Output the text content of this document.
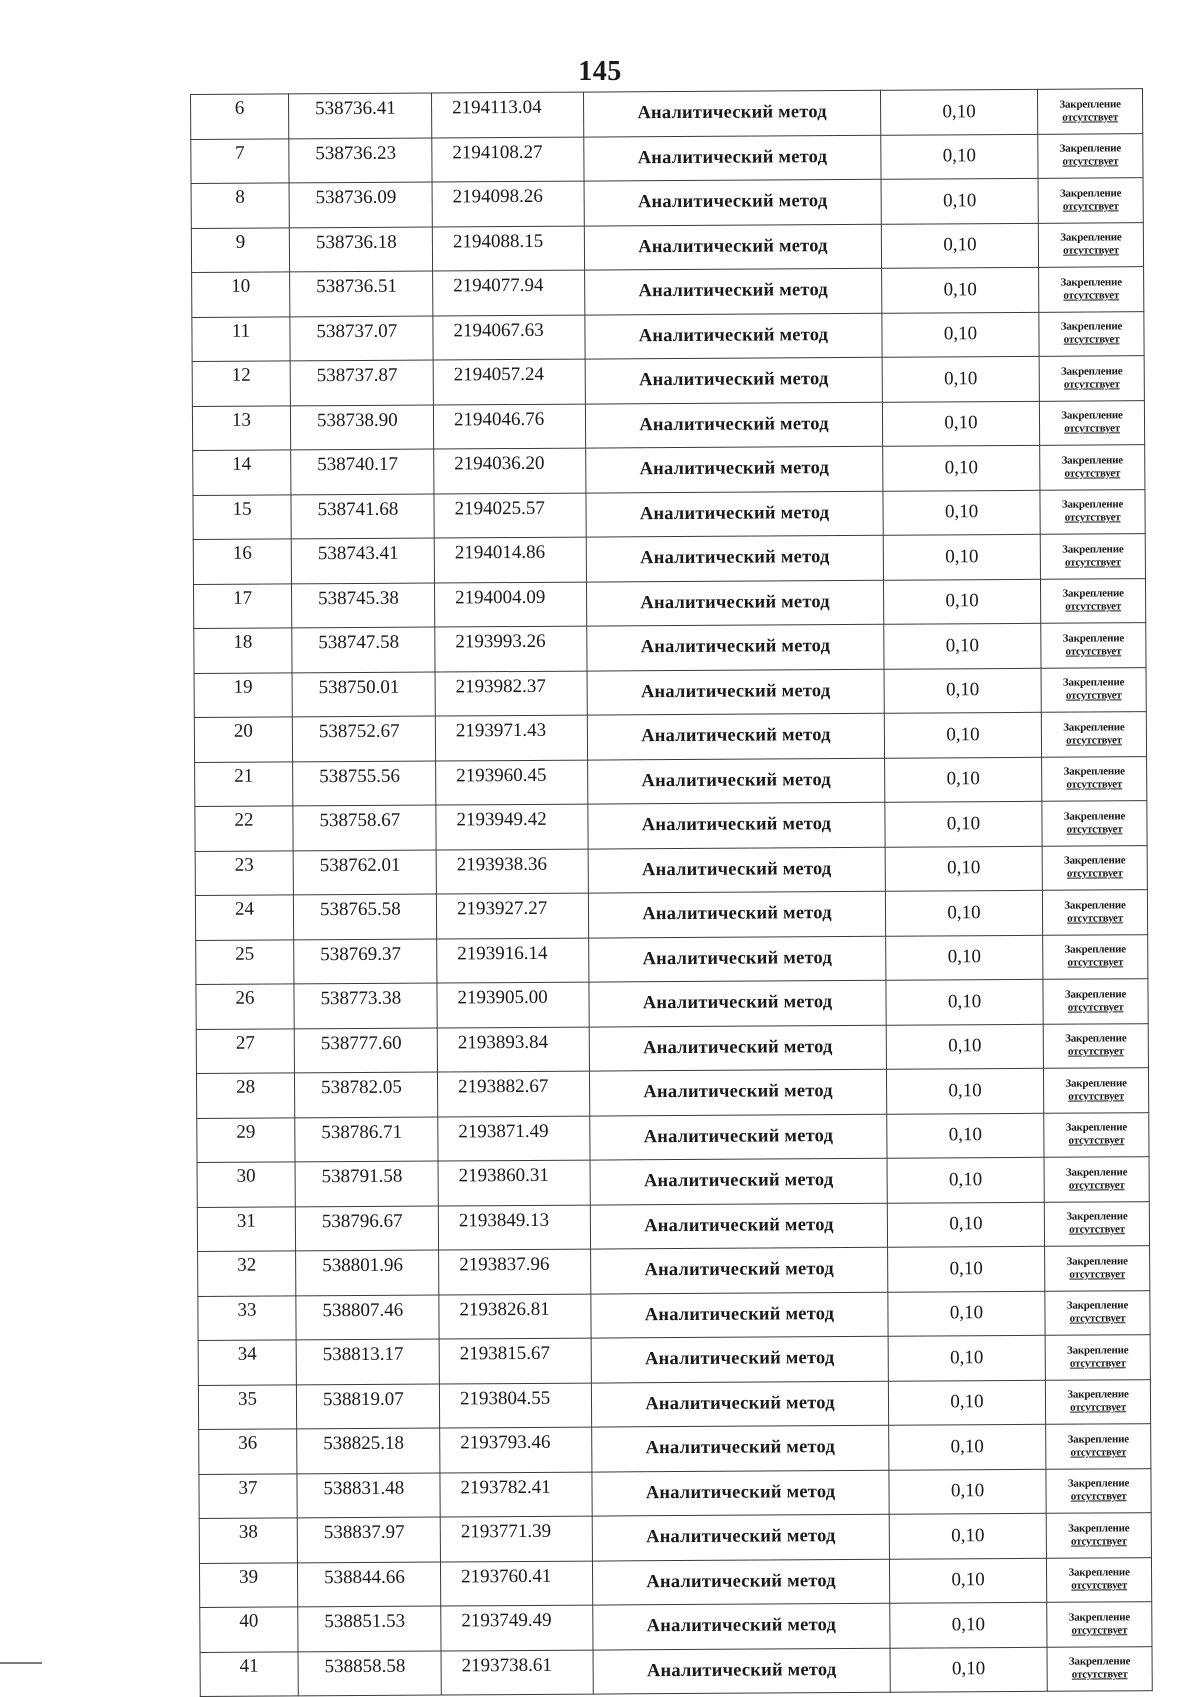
145
6	538736.41	2194113.04	Аналитический метод	0,10	Закрепление
отсутствует

7	538736.23	2194108.27	Аналитический метод	0,10	Закрепление
отсутствует

8	538736.09	2194098.26	Аналитический метод	0,10	Закрепление
отсутствует

9	538736.18	2194088.15	Аналитический метод	0,10	Закрепление
отсутствует

10	538736.51	2194077.94	Аналитический метод	0,10	Закрепление
отсутствует

11	538737.07	2194067.63	Аналитический метод	0,10	Закрепление
отсутствует

12	538737.87	2194057.24	Аналитический метод	0,10	Закрепление
отсутствует

13	538738.90	2194046.76	Аналитический метод	0,10	Закрепление
отсутствует

14	538740.17	2194036.20	Аналитический метод	0,10	Закрепление
отсутствует

15	538741.68	2194025.57	Аналитический метод	0,10	Закрепление
отсутствует

16	538743.41	2194014.86	Аналитический метод	0,10	Закрепление
отсутствует

17	538745.38	2194004.09	Аналитический метод	0,10	Закрепление
отсутствует

18	538747.58	2193993.26	Аналитический метод	0,10	Закрепление
отсутствует

19	538750.01	2193982.37	Аналитический метод	0,10	Закрепление
отсутствует

20	538752.67	2193971.43	Аналитический метод	0,10	Закрепление
отсутствует

21	538755.56	2193960.45	Аналитический метод	0,10	Закрепление
отсутствует

22	538758.67	2193949.42	Аналитический метод	0,10	Закрепление
отсутствует

23	538762.01	2193938.36	Аналитический метод	0,10	Закрепление
отсутствует

24	538765.58	2193927.27	Аналитический метод	0,10	Закрепление
отсутствует

25	538769.37	2193916.14	Аналитический метод	0,10	Закрепление
отсутствует

26	538773.38	2193905.00	Аналитический метод	0,10	Закрепление
отсутствует

27	538777.60	2193893.84	Аналитический метод	0,10	Закрепление
отсутствует

28	538782.05	2193882.67	Аналитический метод	0,10	Закрепление
отсутствует

29	538786.71	2193871.49	Аналитический метод	0,10	Закрепление
отсутствует

30	538791.58	2193860.31	Аналитический метод	0,10	Закрепление
отсутствует

31	538796.67	2193849.13	Аналитический метод	0,10	Закрепление
отсутствует

32	538801.96	2193837.96	Аналитический метод	0,10	Закрепление
отсутствует

33	538807.46	2193826.81	Аналитический метод	0,10	Закрепление
отсутствует

34	538813.17	2193815.67	Аналитический метод	0,10	Закрепление
отсутствует

35	538819.07	2193804.55	Аналитический метод	0,10	Закрепление
отсутствует

36	538825.18	2193793.46	Аналитический метод	0,10	Закрепление
отсутствует

37	538831.48	2193782.41	Аналитический метод	0,10	Закрепление
отсутствует

38	538837.97	2193771.39	Аналитический метод	0,10	Закрепление
отсутствует

39	538844.66	2193760.41	Аналитический метод	0,10	Закрепление
отсутствует

40	538851.53	2193749.49	Аналитический метод	0,10	Закрепление
отсутствует

41	538858.58	2193738.61	Аналитический метод	0,10	Закрепление
отсутствует
